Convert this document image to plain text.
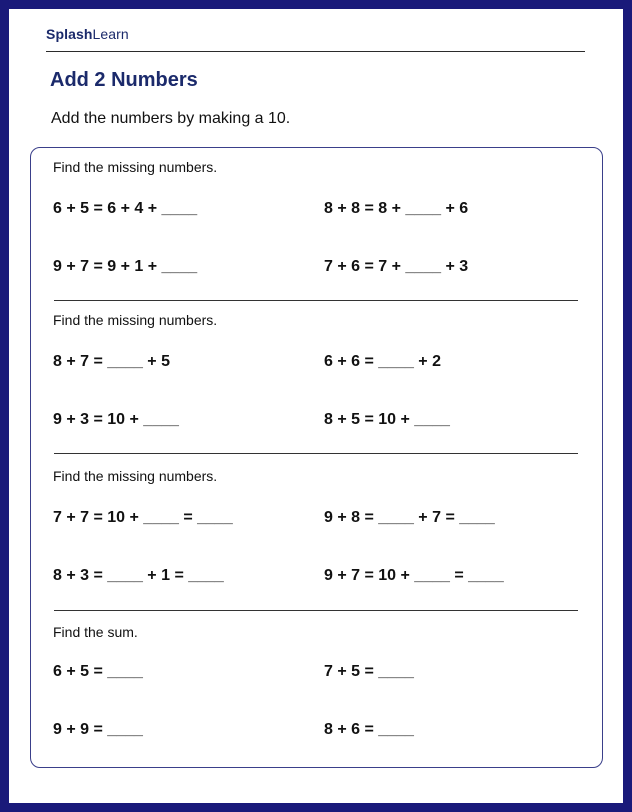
SplashLearn
Add 2 Numbers
Add the numbers by making a 10.
Find the missing numbers.
6 + 5 = 6 + 4 + ____	8 + 8 = 8 + ____ + 6
9 + 7 = 9 + 1 + ____	7 + 6 = 7 + ____ + 3
Find the missing numbers.
8 + 7 = ____ + 5	6 + 6 = ____ + 2
9 + 3 = 10 + ____	8 + 5 = 10 + ____
Find the missing numbers.
7 + 7 = 10 + ____ = ____	9 + 8 = ____ + 7 = ____
8 + 3 = ____ + 1 = ____	9 + 7 = 10 + ____ = ____
Find the sum.
6 + 5 = ____	7 + 5 = ____
9 + 9 = ____	8 + 6 = ____
